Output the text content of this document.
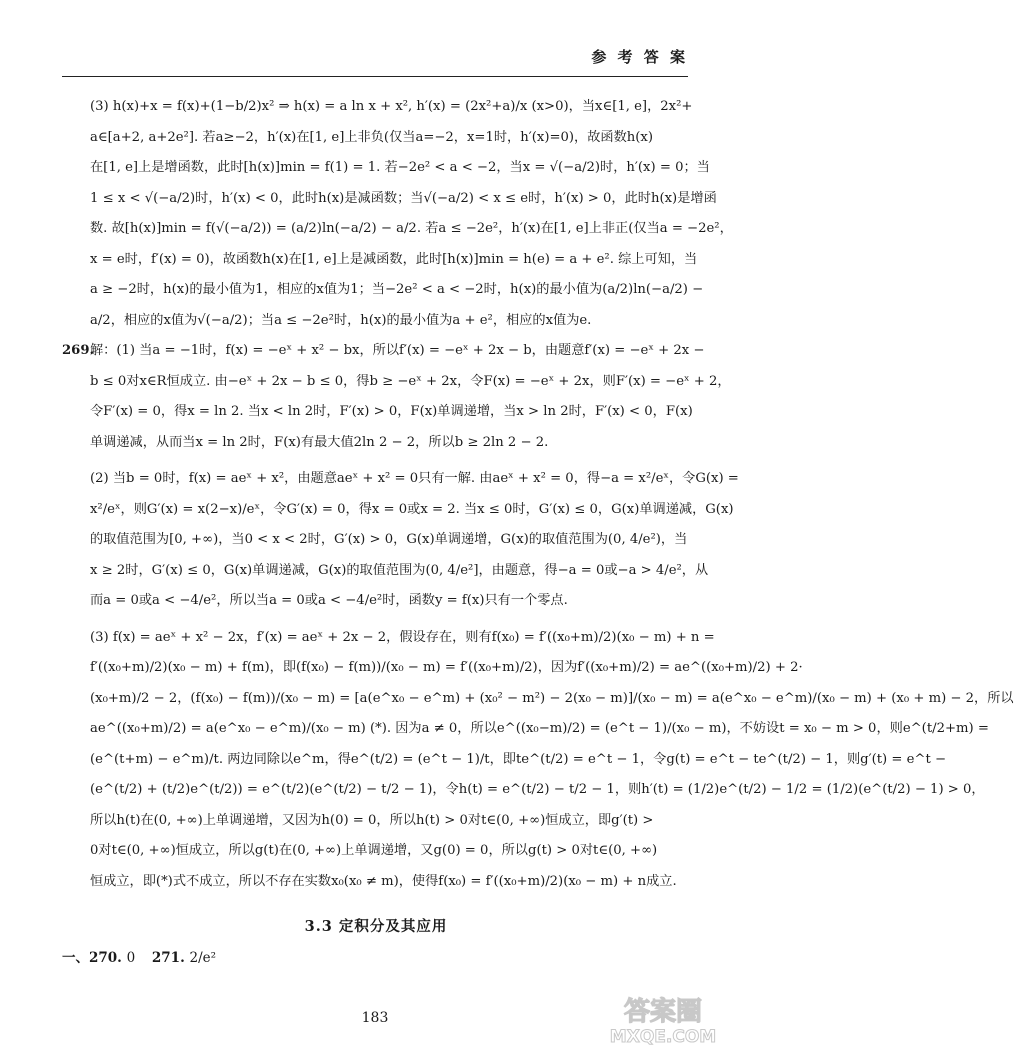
参 考 答 案
(3) h(x)+x = f(x)+(1−b/2)x² ⇒ h(x) = a ln x + x², h′(x) = (2x²+a)/x (x>0)，当x∈[1, e]，2x²+
a∈[a+2, a+2e²]. 若a≥−2，h′(x)在[1, e]上非负(仅当a=−2，x=1时，h′(x)=0)，故函数h(x)
在[1, e]上是增函数，此时[h(x)]min = f(1) = 1. 若−2e² < a < −2，当x = √(−a/2)时，h′(x) = 0；当
1 ≤ x < √(−a/2)时，h′(x) < 0，此时h(x)是减函数；当√(−a/2) < x ≤ e时，h′(x) > 0，此时h(x)是增函
数. 故[h(x)]min = f(√(−a/2)) = (a/2)ln(−a/2) − a/2. 若a ≤ −2e²，h′(x)在[1, e]上非正(仅当a = −2e²，
x = e时，f′(x) = 0)，故函数h(x)在[1, e]上是减函数，此时[h(x)]min = h(e) = a + e². 综上可知，当
a ≥ −2时，h(x)的最小值为1，相应的x值为1；当−2e² < a < −2时，h(x)的最小值为(a/2)ln(−a/2) −
a/2，相应的x值为√(−a/2)；当a ≤ −2e²时，h(x)的最小值为a + e²，相应的x值为e.
269.解：(1) 当a = −1时，f(x) = −eˣ + x² − bx，所以f′(x) = −eˣ + 2x − b，由题意f′(x) = −eˣ + 2x −
b ≤ 0对x∈R恒成立. 由−eˣ + 2x − b ≤ 0，得b ≥ −eˣ + 2x，令F(x) = −eˣ + 2x，则F′(x) = −eˣ + 2，
令F′(x) = 0，得x = ln 2. 当x < ln 2时，F′(x) > 0，F(x)单调递增，当x > ln 2时，F′(x) < 0，F(x)
单调递减，从而当x = ln 2时，F(x)有最大值2ln 2 − 2，所以b ≥ 2ln 2 − 2.
(2) 当b = 0时，f(x) = aeˣ + x²，由题意aeˣ + x² = 0只有一解. 由aeˣ + x² = 0，得−a = x²/eˣ，令G(x) =
x²/eˣ，则G′(x) = x(2−x)/eˣ，令G′(x) = 0，得x = 0或x = 2. 当x ≤ 0时，G′(x) ≤ 0，G(x)单调递减，G(x)
的取值范围为[0, +∞)，当0 < x < 2时，G′(x) > 0，G(x)单调递增，G(x)的取值范围为(0, 4/e²)，当
x ≥ 2时，G′(x) ≤ 0，G(x)单调递减，G(x)的取值范围为(0, 4/e²]，由题意，得−a = 0或−a > 4/e²，从
而a = 0或a < −4/e²，所以当a = 0或a < −4/e²时，函数y = f(x)只有一个零点.
(3) f(x) = aeˣ + x² − 2x，f′(x) = aeˣ + 2x − 2，假设存在，则有f(x₀) = f′((x₀+m)/2)(x₀ − m) + n =
f′((x₀+m)/2)(x₀ − m) + f(m)，即(f(x₀) − f(m))/(x₀ − m) = f′((x₀+m)/2)，因为f′((x₀+m)/2) = ae^((x₀+m)/2) + 2·
(x₀+m)/2 − 2，(f(x₀) − f(m))/(x₀ − m) = [a(e^x₀ − e^m) + (x₀² − m²) − 2(x₀ − m)]/(x₀ − m) = a(e^x₀ − e^m)/(x₀ − m) + (x₀ + m) − 2，所以
ae^((x₀+m)/2) = a(e^x₀ − e^m)/(x₀ − m) (*). 因为a ≠ 0，所以e^((x₀−m)/2) = (e^t − 1)/(x₀ − m)，不妨设t = x₀ − m > 0，则e^(t/2+m) =
(e^(t+m) − e^m)/t. 两边同除以e^m，得e^(t/2) = (e^t − 1)/t，即te^(t/2) = e^t − 1，令g(t) = e^t − te^(t/2) − 1，则g′(t) = e^t −
(e^(t/2) + (t/2)e^(t/2)) = e^(t/2)(e^(t/2) − t/2 − 1)，令h(t) = e^(t/2) − t/2 − 1，则h′(t) = (1/2)e^(t/2) − 1/2 = (1/2)(e^(t/2) − 1) > 0，
所以h(t)在(0, +∞)上单调递增，又因为h(0) = 0，所以h(t) > 0对t∈(0, +∞)恒成立，即g′(t) >
0对t∈(0, +∞)恒成立，所以g(t)在(0, +∞)上单调递增，又g(0) = 0，所以g(t) > 0对t∈(0, +∞)
恒成立，即(*)式不成立，所以不存在实数x₀(x₀ ≠ m)，使得f(x₀) = f′((x₀+m)/2)(x₀ − m) + n成立.
3.3 定积分及其应用
一、270. 0 271. 2/e²
183	答案圈
MXQE.COM
